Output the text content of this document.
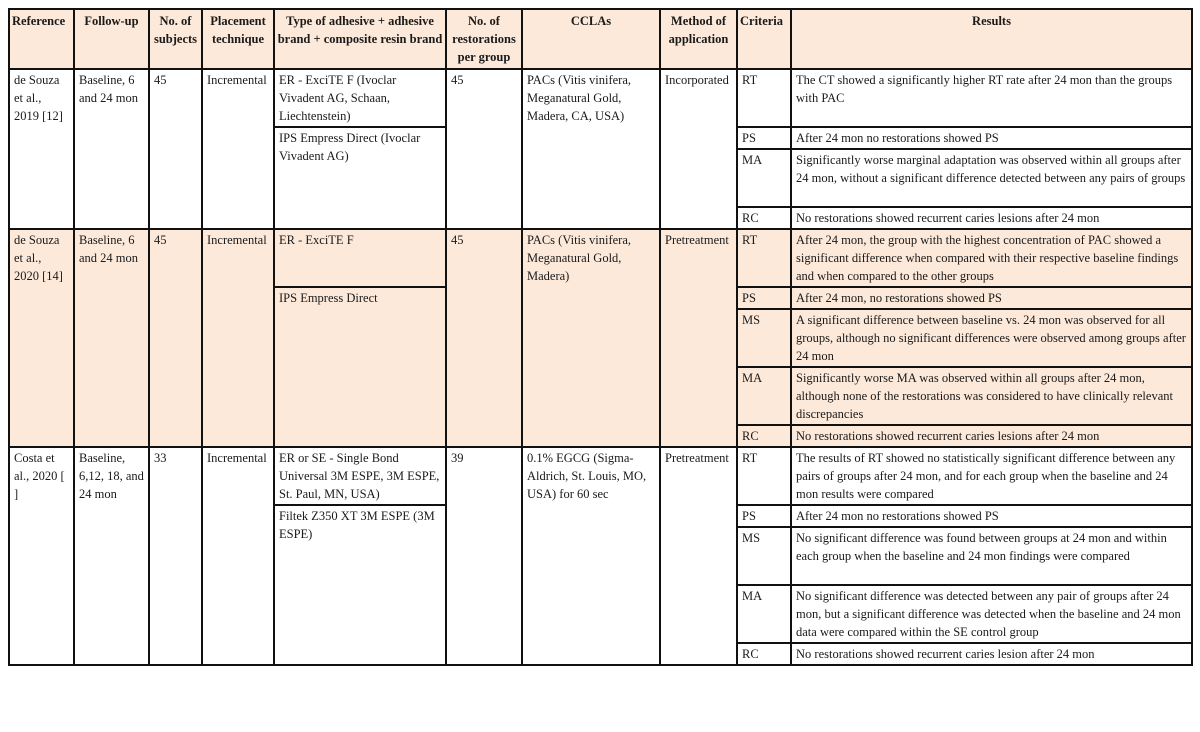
Reference	Follow-up	No. of subjects	Placement technique	Type of adhesive + adhesive brand + composite resin brand	No. of restorations per group	CCLAs	Method of application	Criteria	Results
de Souza et al., 2019 [12]	Baseline, 6 and 24 mon	45	Incremental	ER - ExciTE F (Ivoclar Vivadent AG, Schaan, Liechtenstein)	45	PACs (Vitis vinifera, Meganatural Gold, Madera, CA, USA)	Incorporated	RT	The CT showed a significantly higher RT rate after 24 mon than the groups with PAC
				IPS Empress Direct (Ivoclar Vivadent AG)				PS	After 24 mon no restorations showed PS
								MA	Significantly worse marginal adaptation was observed within all groups after 24 mon, without a significant difference detected between any pairs of groups
								RC	No restorations showed recurrent caries lesions after 24 mon
de Souza et al., 2020 [14]	Baseline, 6 and 24 mon	45	Incremental	ER - ExciTE F	45	PACs (Vitis vinifera, Meganatural Gold, Madera)	Pretreatment	RT	After 24 mon, the group with the highest concentration of PAC showed a significant difference when compared with their respective baseline findings and when compared to the other groups
				IPS Empress Direct				PS	After 24 mon, no restorations showed PS
								MS	A significant difference between baseline vs. 24 mon was observed for all groups, although no significant differences were observed among groups after 24 mon
								MA	Significantly worse MA was observed within all groups after 24 mon, although none of the restorations was considered to have clinically relevant discrepancies
								RC	No restorations showed recurrent caries lesions after 24 mon
Costa et al., 2020 [ ]	Baseline, 6,12, 18, and 24 mon	33	Incremental	ER or SE - Single Bond Universal 3M ESPE, 3M ESPE, St. Paul, MN, USA)	39	0.1% EGCG (Sigma-Aldrich, St. Louis, MO, USA) for 60 sec	Pretreatment	RT	The results of RT showed no statistically significant difference between any pairs of groups after 24 mon, and for each group when the baseline and 24 mon results were compared
				Filtek Z350 XT 3M ESPE (3M ESPE)				PS	After 24 mon no restorations showed PS
								MS	No significant difference was found between groups at 24 mon and within each group when the baseline and 24 mon findings were compared
								MA	No significant difference was detected between any pair of groups after 24 mon, but a significant difference was detected when the baseline and 24 mon data were compared within the SE control group
								RC	No restorations showed recurrent caries lesion after 24 mon
